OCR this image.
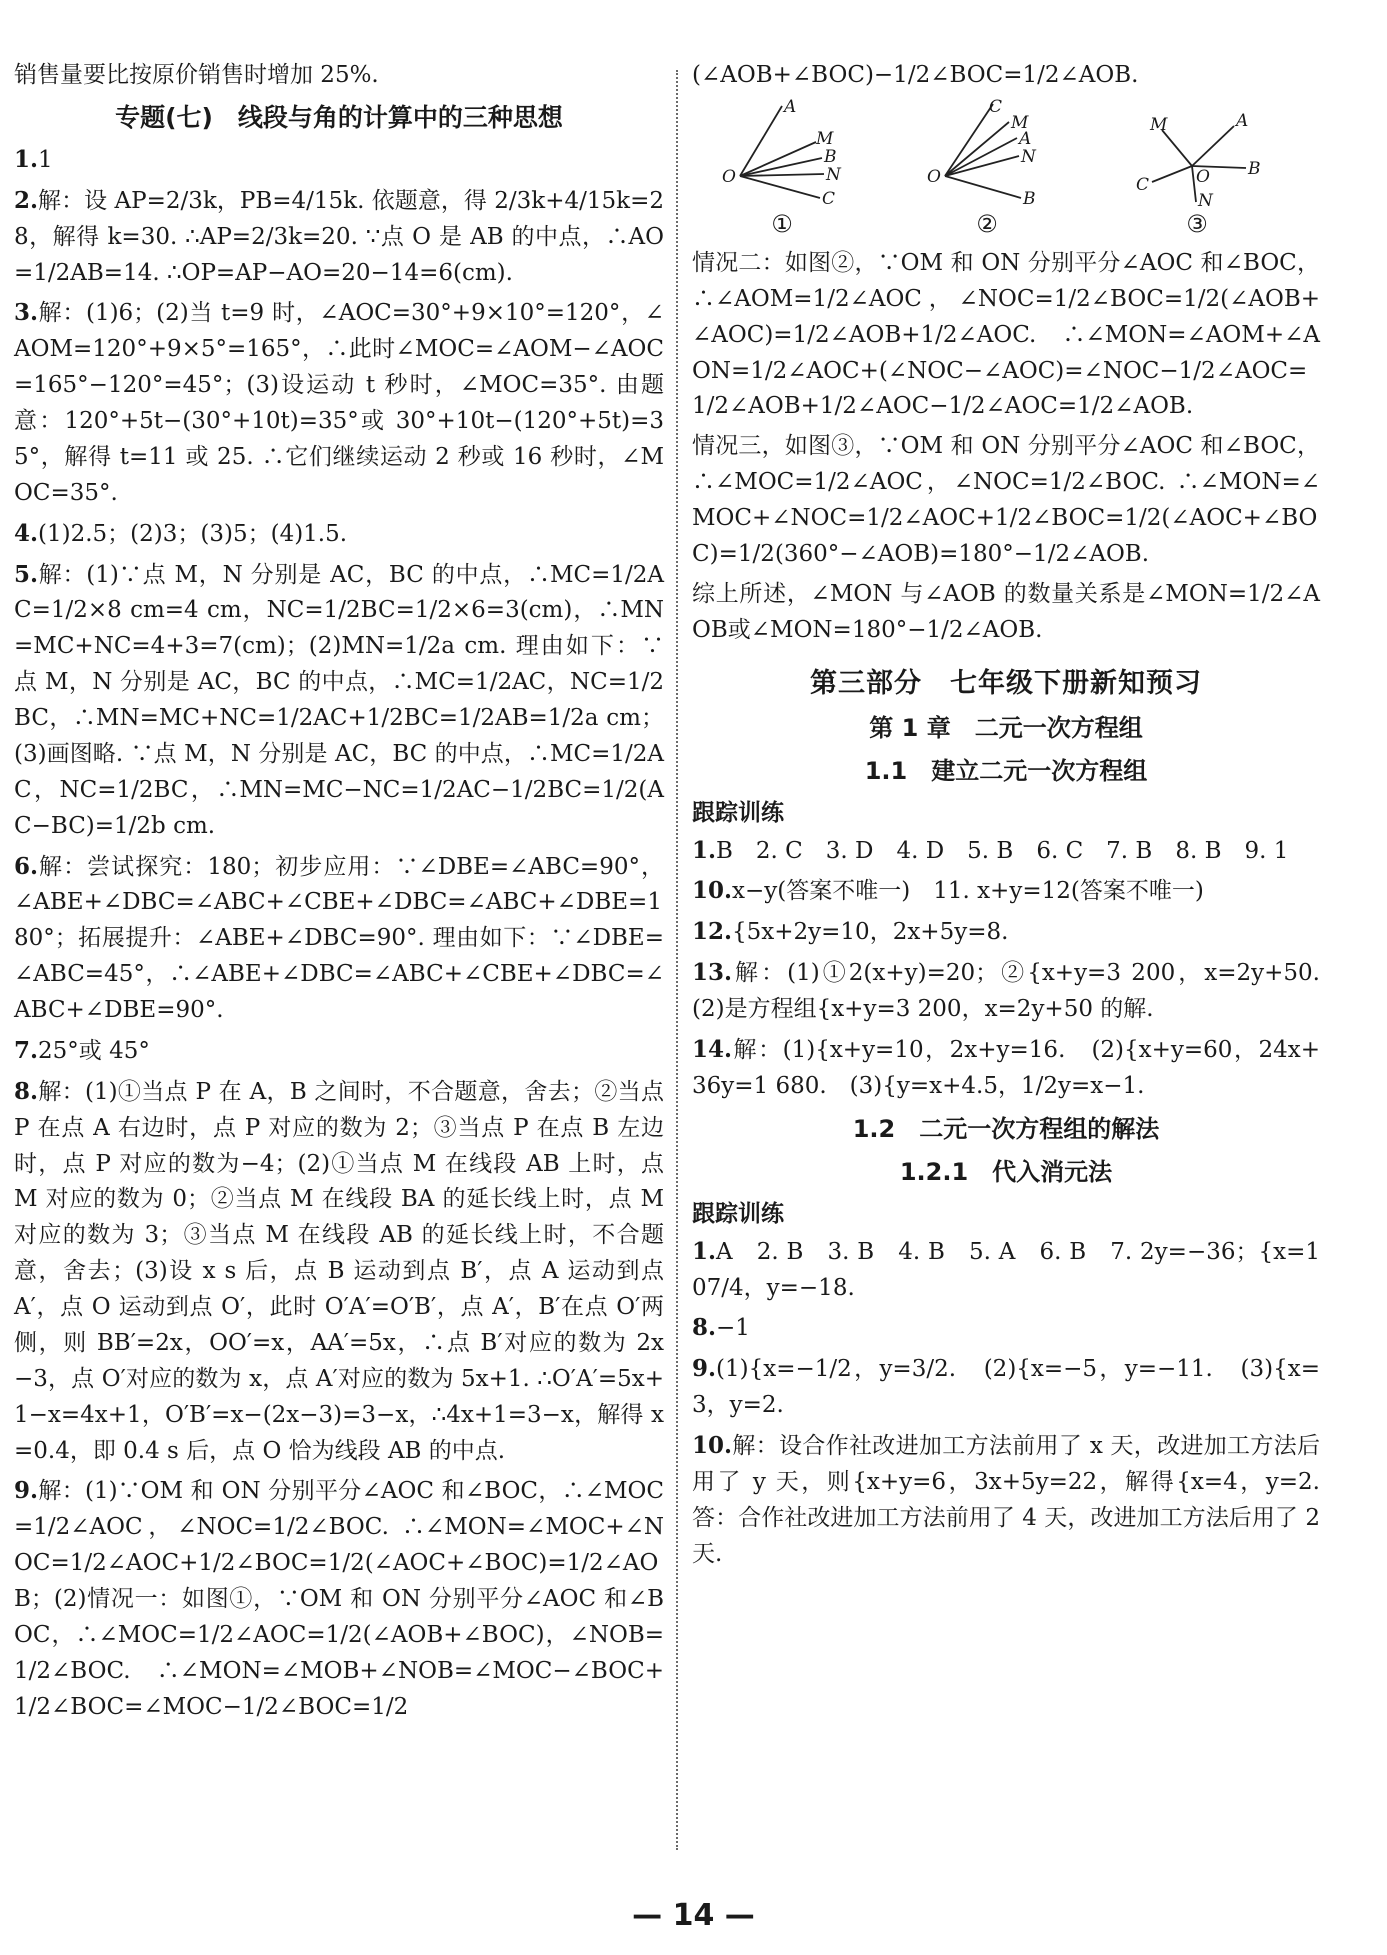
销售量要比按原价销售时增加 25%.

专题(七)　线段与角的计算中的三种思想

1.1

2.解：设 AP=2/3k，PB=4/15k. 依题意，得 2/3k+4/15k=28，解得 k=30. ∴AP=2/3k=20. ∵点 O 是 AB 的中点，∴AO=1/2AB=14. ∴OP=AP−AO=20−14=6(cm).

3.解：(1)6；(2)当 t=9 时，∠AOC=30°+9×10°=120°，∠AOM=120°+9×5°=165°，∴此时∠MOC=∠AOM−∠AOC=165°−120°=45°；(3)设运动 t 秒时，∠MOC=35°. 由题意：120°+5t−(30°+10t)=35°或 30°+10t−(120°+5t)=35°，解得 t=11 或 25. ∴它们继续运动 2 秒或 16 秒时，∠MOC=35°.

4.(1)2.5；(2)3；(3)5；(4)1.5.

5.解：(1)∵点 M，N 分别是 AC，BC 的中点，∴MC=1/2AC=1/2×8 cm=4 cm，NC=1/2BC=1/2×6=3(cm)，∴MN=MC+NC=4+3=7(cm)；(2)MN=1/2a cm. 理由如下：∵点 M，N 分别是 AC，BC 的中点，∴MC=1/2AC，NC=1/2BC，∴MN=MC+NC=1/2AC+1/2BC=1/2AB=1/2a cm；(3)画图略. ∵点 M，N 分别是 AC，BC 的中点，∴MC=1/2AC，NC=1/2BC，∴MN=MC−NC=1/2AC−1/2BC=1/2(AC−BC)=1/2b cm.

6.解：尝试探究：180；初步应用：∵∠DBE=∠ABC=90°，∠ABE+∠DBC=∠ABC+∠CBE+∠DBC=∠ABC+∠DBE=180°；拓展提升：∠ABE+∠DBC=90°. 理由如下：∵∠DBE=∠ABC=45°，∴∠ABE+∠DBC=∠ABC+∠CBE+∠DBC=∠ABC+∠DBE=90°.

7.25°或 45°

8.解：(1)①当点 P 在 A，B 之间时，不合题意，舍去；②当点 P 在点 A 右边时，点 P 对应的数为 2；③当点 P 在点 B 左边时，点 P 对应的数为−4；(2)①当点 M 在线段 AB 上时，点 M 对应的数为 0；②当点 M 在线段 BA 的延长线上时，点 M 对应的数为 3；③当点 M 在线段 AB 的延长线上时，不合题意，舍去；(3)设 x s 后，点 B 运动到点 B′，点 A 运动到点 A′，点 O 运动到点 O′，此时 O′A′=O′B′，点 A′，B′在点 O′两侧，则 BB′=2x，OO′=x，AA′=5x，∴点 B′对应的数为 2x−3，点 O′对应的数为 x，点 A′对应的数为 5x+1. ∴O′A′=5x+1−x=4x+1，O′B′=x−(2x−3)=3−x，∴4x+1=3−x，解得 x=0.4，即 0.4 s 后，点 O 恰为线段 AB 的中点.

9.解：(1)∵OM 和 ON 分别平分∠AOC 和∠BOC，∴∠MOC=1/2∠AOC，∠NOC=1/2∠BOC. ∴∠MON=∠MOC+∠NOC=1/2∠AOC+1/2∠BOC=1/2(∠AOC+∠BOC)=1/2∠AOB；(2)情况一：如图①，∵OM 和 ON 分别平分∠AOC 和∠BOC，∴∠MOC=1/2∠AOC=1/2(∠AOB+∠BOC)，∠NOB=1/2∠BOC. ∴∠MON=∠MOB+∠NOB=∠MOC−∠BOC+1/2∠BOC=∠MOC−1/2∠BOC=1/2

(∠AOB+∠BOC)−1/2∠BOC=1/2∠AOB.

A
M
B
N
C
O
①
C
M
A
N
B
O
②
M	A
C	O B
N
③

情况二：如图②，∵OM 和 ON 分别平分∠AOC 和∠BOC，∴∠AOM=1/2∠AOC，∠NOC=1/2∠BOC=1/2(∠AOB+∠AOC)=1/2∠AOB+1/2∠AOC. ∴∠MON=∠AOM+∠AON=1/2∠AOC+(∠NOC−∠AOC)=∠NOC−1/2∠AOC=1/2∠AOB+1/2∠AOC−1/2∠AOC=1/2∠AOB.

情况三，如图③，∵OM 和 ON 分别平分∠AOC 和∠BOC，∴∠MOC=1/2∠AOC，∠NOC=1/2∠BOC. ∴∠MON=∠MOC+∠NOC=1/2∠AOC+1/2∠BOC=1/2(∠AOC+∠BOC)=1/2(360°−∠AOB)=180°−1/2∠AOB.

综上所述，∠MON 与∠AOB 的数量关系是∠MON=1/2∠AOB或∠MON=180°−1/2∠AOB.

第三部分　七年级下册新知预习
第 1 章　二元一次方程组
1.1　建立二元一次方程组
跟踪训练

1.B　2. C　3. D　4. D　5. B　6. C　7. B　8. B　9. 1

10.x−y(答案不唯一)　11. x+y=12(答案不唯一)

12.{5x+2y=10，2x+5y=8.

13.解：(1)①2(x+y)=20；②{x+y=3 200，x=2y+50.　(2)是方程组{x+y=3 200，x=2y+50 的解.

14.解：(1){x+y=10，2x+y=16.　(2){x+y=60，24x+36y=1 680.　(3){y=x+4.5，1/2y=x−1.

1.2　二元一次方程组的解法
1.2.1　代入消元法
跟踪训练

1.A　2. B　3. B　4. B　5. A　6. B　7. 2y=−36；{x=107/4，y=−18.

8.−1

9.(1){x=−1/2，y=3/2.　(2){x=−5，y=−11.　(3){x=3，y=2.

10.解：设合作社改进加工方法前用了 x 天，改进加工方法后用了 y 天，则{x+y=6，3x+5y=22，解得{x=4，y=2. 答：合作社改进加工方法前用了 4 天，改进加工方法后用了 2 天.

— 14 —
